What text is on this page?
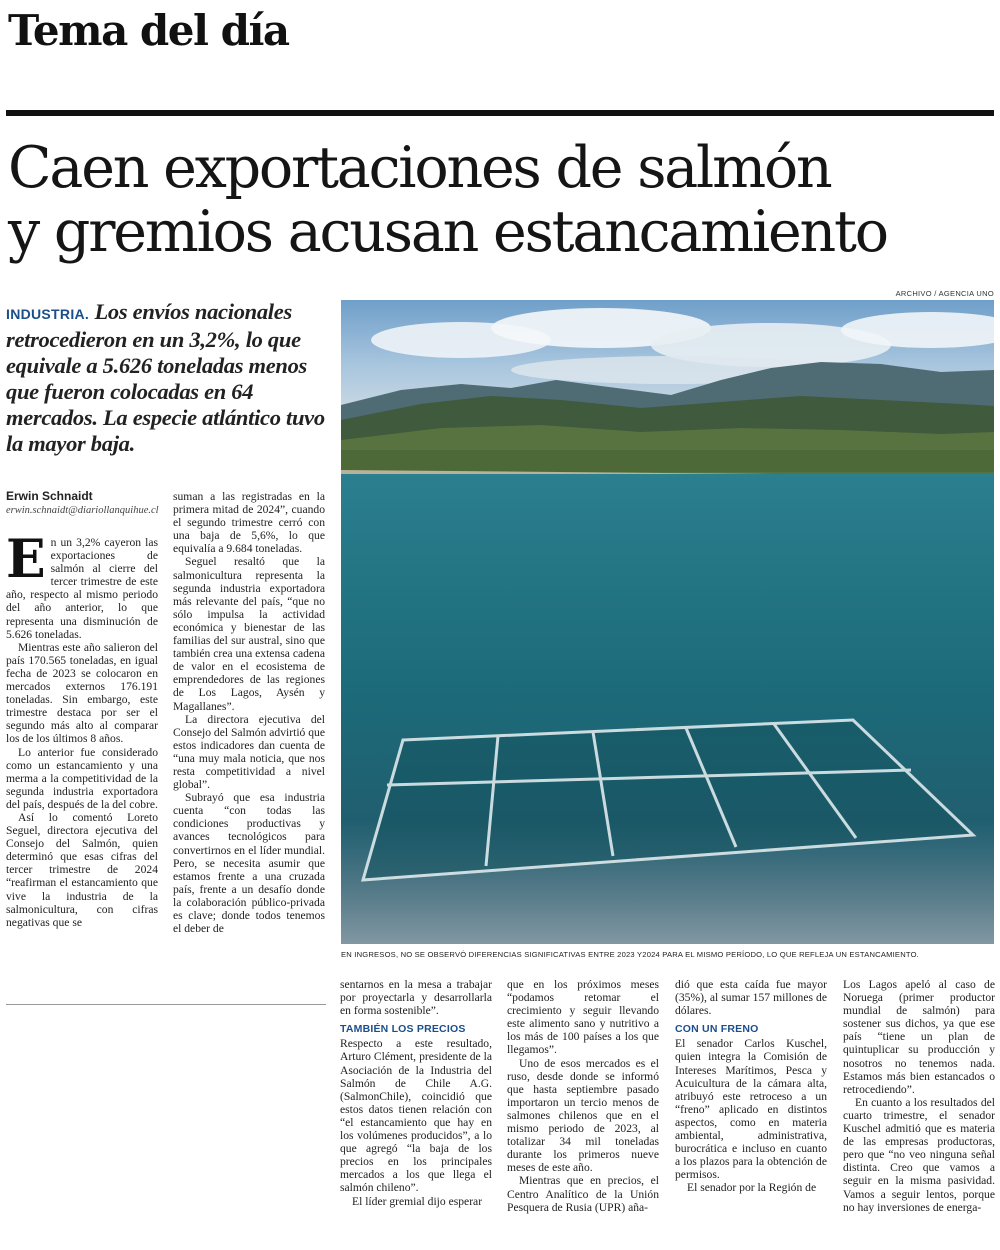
Tema del día
Caen exportaciones de salmón
y gremios acusan estancamiento
INDUSTRIA. Los envíos nacionales retrocedieron en un 3,2%, lo que equivale a 5.626 toneladas menos que fueron colocadas en 64 mercados. La especie atlántico tuvo la mayor baja.
Erwin Schnaidt
erwin.schnaidt@diariollanquihue.cl
E n un 3,2% cayeron las exportaciones de salmón al cierre del tercer trimestre de este año, respecto al mismo periodo del año anterior, lo que representa una disminución de 5.626 toneladas.

Mientras este año salieron del país 170.565 toneladas, en igual fecha de 2023 se colocaron en mercados externos 176.191 toneladas. Sin embargo, este trimestre destaca por ser el segundo más alto al comparar los de los últimos 8 años.

Lo anterior fue considerado como un estancamiento y una merma a la competitividad de la segunda industria exportadora del país, después de la del cobre.

Así lo comentó Loreto Seguel, directora ejecutiva del Consejo del Salmón, quien determinó que esas cifras del tercer trimestre de 2024 “reafirman el estancamiento que vive la industria de la salmonicultura, con cifras negativas que se

suman a las registradas en la primera mitad de 2024”, cuando el segundo trimestre cerró con una baja de 5,6%, lo que equivalía a 9.684 toneladas.

Seguel resaltó que la salmonicultura representa la segunda industria exportadora más relevante del país, “que no sólo impulsa la actividad económica y bienestar de las familias del sur austral, sino que también crea una extensa cadena de valor en el ecosistema de emprendedores de las regiones de Los Lagos, Aysén y Magallanes”.

La directora ejecutiva del Consejo del Salmón advirtió que estos indicadores dan cuenta de “una muy mala noticia, que nos resta competitividad a nivel global”.

Subrayó que esa industria cuenta “con todas las condiciones productivas y avances tecnológicos para convertirnos en el líder mundial. Pero, se necesita asumir que estamos frente a una cruzada país, frente a un desafío donde la colaboración público-privada es clave; donde todos tenemos el deber de

ARCHIVO / AGENCIA UNO
EN INGRESOS, NO SE OBSERVÓ DIFERENCIAS SIGNIFICATIVAS ENTRE 2023 Y2024 PARA EL MISMO PERÍODO, LO QUE REFLEJA UN ESTANCAMIENTO.

sentarnos en la mesa a trabajar por proyectarla y desarrollarla en forma sostenible”.

TAMBIÉN LOS PRECIOS

Respecto a este resultado, Arturo Clément, presidente de la Asociación de la Industria del Salmón de Chile A.G. (SalmonChile), coincidió que estos datos tienen relación con “el estancamiento que hay en los volúmenes producidos”, a lo que agregó “la baja de los precios en los principales mercados a los que llega el salmón chileno”.

El líder gremial dijo esperar

que en los próximos meses “podamos retomar el crecimiento y seguir llevando este alimento sano y nutritivo a los más de 100 países a los que llegamos”.

Uno de esos mercados es el ruso, desde donde se informó que hasta septiembre pasado importaron un tercio menos de salmones chilenos que en el mismo periodo de 2023, al totalizar 34 mil toneladas durante los primeros nueve meses de este año.

Mientras que en precios, el Centro Analítico de la Unión Pesquera de Rusia (UPR) aña-

dió que esta caída fue mayor (35%), al sumar 157 millones de dólares.

CON UN FRENO

El senador Carlos Kuschel, quien integra la Comisión de Intereses Marítimos, Pesca y Acuicultura de la cámara alta, atribuyó este retroceso a un “freno” aplicado en distintos aspectos, como en materia ambiental, administrativa, burocrática e incluso en cuanto a los plazos para la obtención de permisos.

El senador por la Región de

Los Lagos apeló al caso de Noruega (primer productor mundial de salmón) para sostener sus dichos, ya que ese país “tiene un plan de quintuplicar su producción y nosotros no tenemos nada. Estamos más bien estancados o retrocediendo”.

En cuanto a los resultados del cuarto trimestre, el senador Kuschel admitió que es materia de las empresas productoras, pero que “no veo ninguna señal distinta. Creo que vamos a seguir en la misma pasividad. Vamos a seguir lentos, porque no hay inversiones de energa-
